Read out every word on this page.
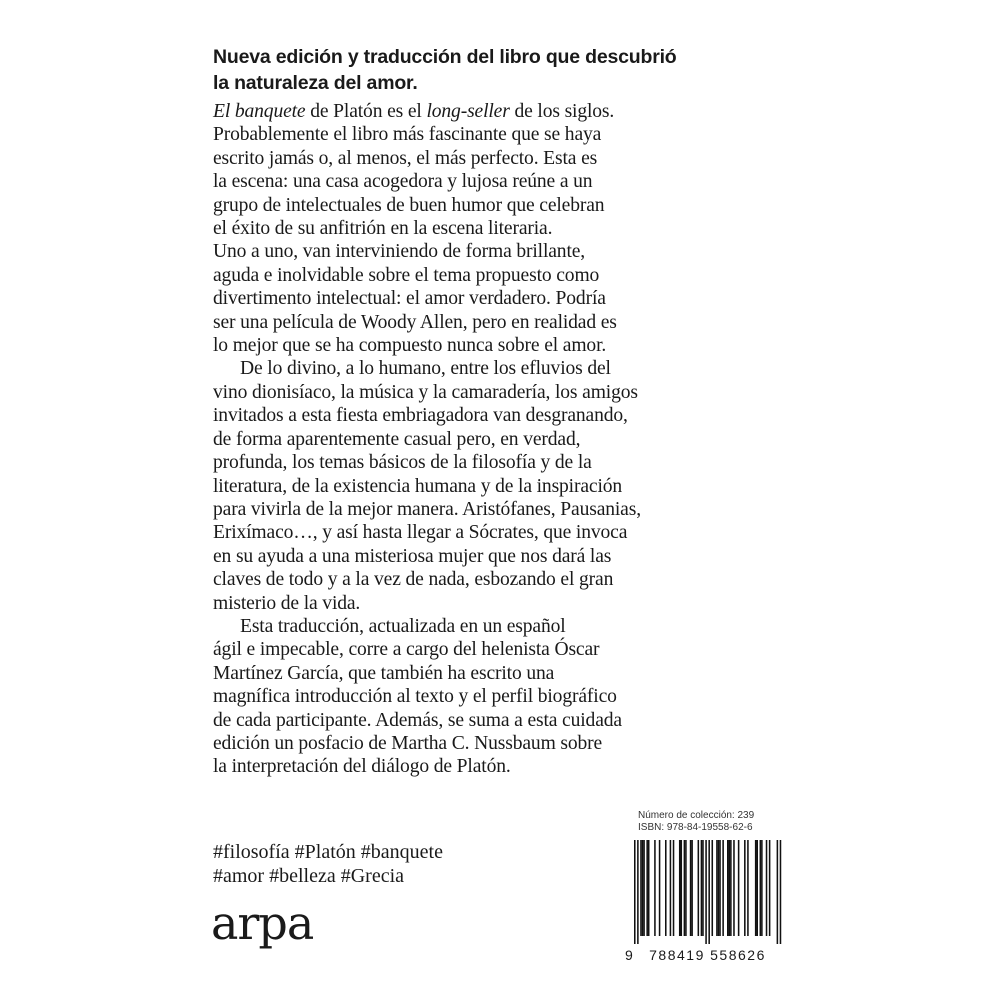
Nueva edición y traducción del libro que descubrió
la naturaleza del amor.
El banquete de Platón es el long-seller de los siglos.
Probablemente el libro más fascinante que se haya
escrito jamás o, al menos, el más perfecto. Esta es
la escena: una casa acogedora y lujosa reúne a un
grupo de intelectuales de buen humor que celebran
el éxito de su anfitrión en la escena literaria.
Uno a uno, van interviniendo de forma brillante,
aguda e inolvidable sobre el tema propuesto como
divertimento intelectual: el amor verdadero. Podría
ser una película de Woody Allen, pero en realidad es
lo mejor que se ha compuesto nunca sobre el amor.
De lo divino, a lo humano, entre los efluvios del
vino dionisíaco, la música y la camaradería, los amigos
invitados a esta fiesta embriagadora van desgranando,
de forma aparentemente casual pero, en verdad,
profunda, los temas básicos de la filosofía y de la
literatura, de la existencia humana y de la inspiración
para vivirla de la mejor manera. Aristófanes, Pausanias,
Erixímaco…, y así hasta llegar a Sócrates, que invoca
en su ayuda a una misteriosa mujer que nos dará las
claves de todo y a la vez de nada, esbozando el gran
misterio de la vida.
Esta traducción, actualizada en un español
ágil e impecable, corre a cargo del helenista Óscar
Martínez García, que también ha escrito una
magnífica introducción al texto y el perfil biográfico
de cada participante. Además, se suma a esta cuidada
edición un posfacio de Martha C. Nussbaum sobre
la interpretación del diálogo de Platón.
#filosofía #Platón #banquete
#amor #belleza #Grecia
arpa
Número de colección: 239
ISBN: 978-84-19558-62-6
9 788419 558626
